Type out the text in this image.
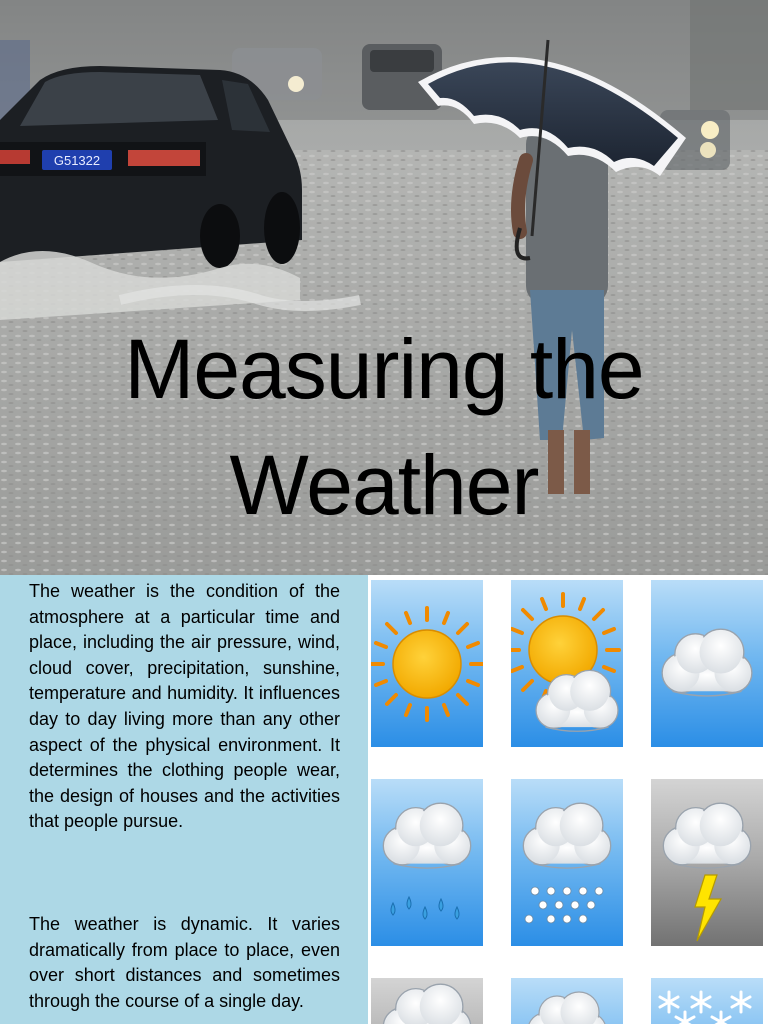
G51322
Measuring the
Weather

The weather is the condition of the atmosphere at a particular time and place, including the air pressure, wind, cloud cover, precipitation, sunshine, temperature and humidity. It influences day to day living more than any other aspect of the physical environment. It determines the clothing people wear, the design of houses and the activities that people pursue.

The weather is dynamic. It varies dramatically from place to place, even over short distances and sometimes through the course of a single day.
